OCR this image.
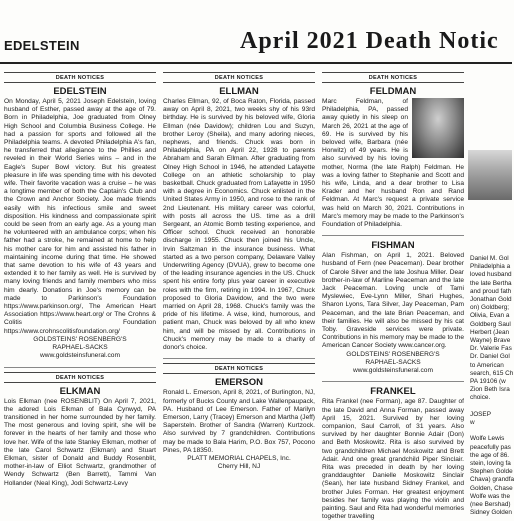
EDELSTEIN	April 2021 Death Notic
DEATH NOTICES
EDELSTEIN
On Monday, April 5, 2021 Joseph Edelstein, loving husband of Esther, passed away at the age of 79. Born in Philadelphia, Joe graduated from Olney High School and Columbia Business College. He had a passion for sports and followed all the Philadelphia teams. A devoted Philadelphia A's fan, he transferred that allegiance to the Phillies and reveled in their World Series wins – and in the Eagle's Super Bowl victory. But his greatest pleasure in life was spending time with his devoted wife. Their favorite vacation was a cruise – he was a longtime member of both the Captain's Club and the Crown and Anchor Society. Joe made friends easily with his infectious smile and sweet disposition. His kindness and compassionate spirit could be seen from an early age. As a young man he volunteered with an ambulance corps; when his father had a stroke, he remained at home to help his mother care for him and assisted his father in maintaining income during that time. He showed that same devotion to his wife of 43 years and extended it to her family as well. He is survived by many loving friends and family members who miss him dearly. Donations in Joe's memory can be made to Parkinson's Foundation https://www.parkinson.org/, The American Heart Association https://www.heart.org/ or The Crohns & Colitis Foundation https://www.crohnscolitisfoundation.org/
GOLDSTEINS' ROSENBERG'S
RAPHAEL-SACKS
www.goldsteinsfuneral.com
DEATH NOTICES
ELKMAN
Lois Elkman (nee ROSENBLIT) On April 7, 2021, the adored Lois Elkman of Bala Cynwyd, PA transitioned in her home surrounded by her family. The most generous and loving spirit, she will be forever in the hearts of her family and those who love her. Wife of the late Stanley Elkman, mother of the late Carol Schwartz (Elkman) and Stuart Elkman, sister of Donald and Buddy Rosenblit, mother-in-law of Elliot Schwartz, grandmother of Wendy Schwartz (Ben Barrett), Tammi Van Hollander (Neal King), Jodi Schwartz-Levy
DEATH NOTICES
ELLMAN
Charles Ellman, 92, of Boca Raton, Florida, passed away on April 8, 2021, two weeks shy of his 93rd birthday. He is survived by his beloved wife, Gloria Ellman (née Davidow); children Lou and Suzyn, brother Leroy (Sheila), and many adoring nieces, nephews, and friends. Chuck was born in Philadelphia, PA on April 22, 1928 to parents Abraham and Sarah Ellman. After graduating from Olney High School in 1946, he attended Lafayette College on an athletic scholarship to play basketball. Chuck graduated from Lafayette in 1950 with a degree in Economics. Chuck enlisted in the United States Army in 1950, and rose to the rank of 2nd Lieutenant. His military career was colorful, with posts all across the US. time as a drill Sergeant, an Atomic Bomb testing experience, and Officer school. Chuck received an honorable discharge in 1955. Chuck then joined his Uncle, Irvin Saltzman in the insurance business. What started as a two person company, Delaware Valley Underwriting Agency (DVUA), grew to become one of the leading insurance agencies in the US. Chuck spent his entire forty plus year career in executive roles with the firm, retiring in 1994. In 1967, Chuck proposed to Gloria Davidow, and the two were married on April 28, 1968. Chuck's family was the pride of his lifetime. A wise, kind, humorous, and patient man, Chuck was beloved by all who knew him, and will be missed by all. Contributions in Chuck's memory may be made to a charity of donor's choice.
DEATH NOTICES
EMERSON
Ronald L. Emerson, April 8, 2021, of Burlington, NJ, formerly of Bucks County and Lake Wallenpaupack, PA. Husband of Lee Emerson. Father of Marilyn Emerson, Larry (Tracey) Emerson and Martha (Jeff) Sapersteln. Brother of Sandra (Warren) Kurtzock. Also survived by 7 grandchildren. Contributions may be made to Bala Harim, P.O. Box 757, Pocono Pines, PA 18350.
PLATT MEMORIAL CHAPELS, Inc.
Cherry Hill, NJ
DEATH NOTICES
FELDMAN
Marc Feldman, of Philadelphia, PA, passed away quietly in his sleep on March 26, 2021 at the age of 69. He is survived by his beloved wife, Barbara (née Horwitz) of 49 years. He is also survived by his loving mother, Norma (the late Ralph) Feldman. He was a loving father to Stephanie and Scott and his wife, Linda, and a dear brother to Lisa Krader and her husband Ron and Rand Feldman. At Marc's request a private service was held on March 30, 2021. Contributions in Marc's memory may be made to the Parkinson's Foundation of Philadelphia.
FISHMAN
Alan Fishman, on April 1, 2021. Beloved husband of Fern (nee Peaceman). Dear brother of Carole Silver and the late Joshua Miller. Dear brother-in-law of Marline Peaceman and the late Jack Peaceman. Loving uncle of Tami Myslewiec, Eve-Lynn Miller, Shari Hughes, Sharon Lyons, Tara Silver, Jay Peaceman, Pam Peaceman, and the late Brian Peaceman, and their families. He will also be missed by his cat Toby. Graveside services were private. Contributions in his memory may be made to the American Cancer Society www.cancer.org.
GOLDSTEINS' ROSENBERG'S
RAPHAEL-SACKS
www.goldsteinsfuneral.com
FRANKEL
Rita Frankel (nee Forman), age 87. Daughter of the late David and Anna Forman, passed away April 15, 2021. Survived by her loving companion, Saul Carroll, of 31 years. Also survived by her daughter Bonnie Adair (Don) and Beth Moskowitz. Rita is also survived by two grandchildren Michael Moskowitz and Brett Adair. And one great grandchild Piper Sinclair. Rita was preceded in death by her loving granddaughter Danielle Moskowitz Sinclair (Sean), her late husband Sidney Frankel, and brother Jules Forman. Her greatest enjoyment besides her family was playing the violin and painting. Saul and Rita had wonderful memories together travelling
Daniel M. Gol
Philadelphia a
loved husband
the late Bertha
and proud fath
Jonathan Gold
on) Goldberg;
Olivia, Evan a
Goldberg Saul
Herbert (Jean
Wayne) Brave
Dr. Valerie Fas
Dr. Daniel Gol
to American
search, 615 Ch
PA 19106 (w
Zion Beth Isra
choice.

JOSEP
w

Wolfe Lewis
peacefully pas
the age of 86.
stein, loving fa
Stephen Golde
Chava) grandfa
Golden, Chase
Wolfe was the
(nee Bershad)
Sidney Golden
